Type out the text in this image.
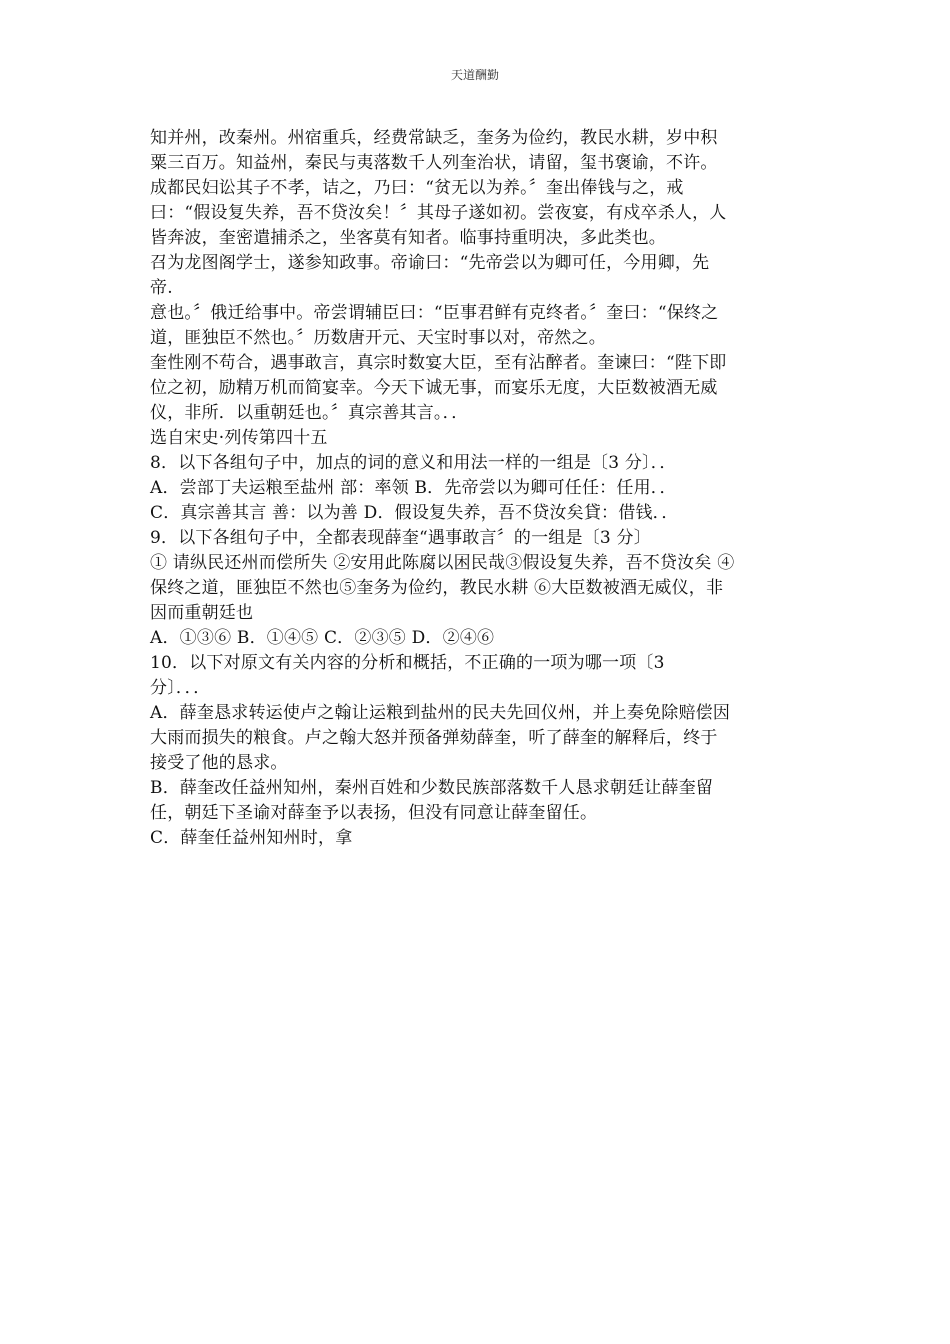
天道酬勤
知并州，改秦州。州宿重兵，经费常缺乏，奎务为俭约，教民水耕，岁中积
粟三百万。知益州，秦民与夷落数千人列奎治状，请留，玺书褒谕，不许。
成都民妇讼其子不孝，诘之，乃曰：“贫无以为养。〞奎出俸钱与之，戒
曰：“假设复失养，吾不贷汝矣！〞其母子遂如初。尝夜宴，有戍卒杀人，人
皆奔波，奎密遣捕杀之，坐客莫有知者。临事持重明决，多此类也。
召为龙图阁学士，遂参知政事。帝谕曰：“先帝尝以为卿可任，今用卿，先
帝.
意也。〞俄迁给事中。帝尝谓辅臣曰：“臣事君鲜有克终者。〞奎曰：“保终之
道，匪独臣不然也。〞历数唐开元、天宝时事以对，帝然之。
奎性刚不苟合，遇事敢言，真宗时数宴大臣，至有沾醉者。奎谏曰：“陛下即
位之初，励精万机而简宴幸。今天下诚无事，而宴乐无度，大臣数被酒无威
仪，非所．以重朝廷也。〞真宗善其言。．．
选自宋史·列传第四十五
8．以下各组句子中，加点的词的意义和用法一样的一组是〔3 分〕．．
A．尝部丁夫运粮至盐州 部：率领 B．先帝尝以为卿可任任：任用．．
C．真宗善其言 善：以为善 D．假设复失养，吾不贷汝矣貸：借钱．．
9．以下各组句子中，全都表现薛奎“遇事敢言〞的一组是〔3 分〕
① 请纵民还州而偿所失 ②安用此陈腐以困民哉③假设复失养，吾不贷汝矣 ④
保终之道，匪独臣不然也⑤奎务为俭约，教民水耕 ⑥大臣数被酒无威仪，非
因而重朝廷也
A．①③⑥ B．①④⑤ C．②③⑤ D．②④⑥
10．以下对原文有关内容的分析和概括，不正确的一项为哪一项〔3
分〕．．．
A．薛奎恳求转运使卢之翰让运粮到盐州的民夫先回仪州，并上奏免除赔偿因
大雨而损失的粮食。卢之翰大怒并预备弹劾薛奎，听了薛奎的解释后，终于
接受了他的恳求。
B．薛奎改任益州知州，秦州百姓和少数民族部落数千人恳求朝廷让薛奎留
任，朝廷下圣谕对薛奎予以表扬，但没有同意让薛奎留任。
C．薛奎任益州知州时，拿
